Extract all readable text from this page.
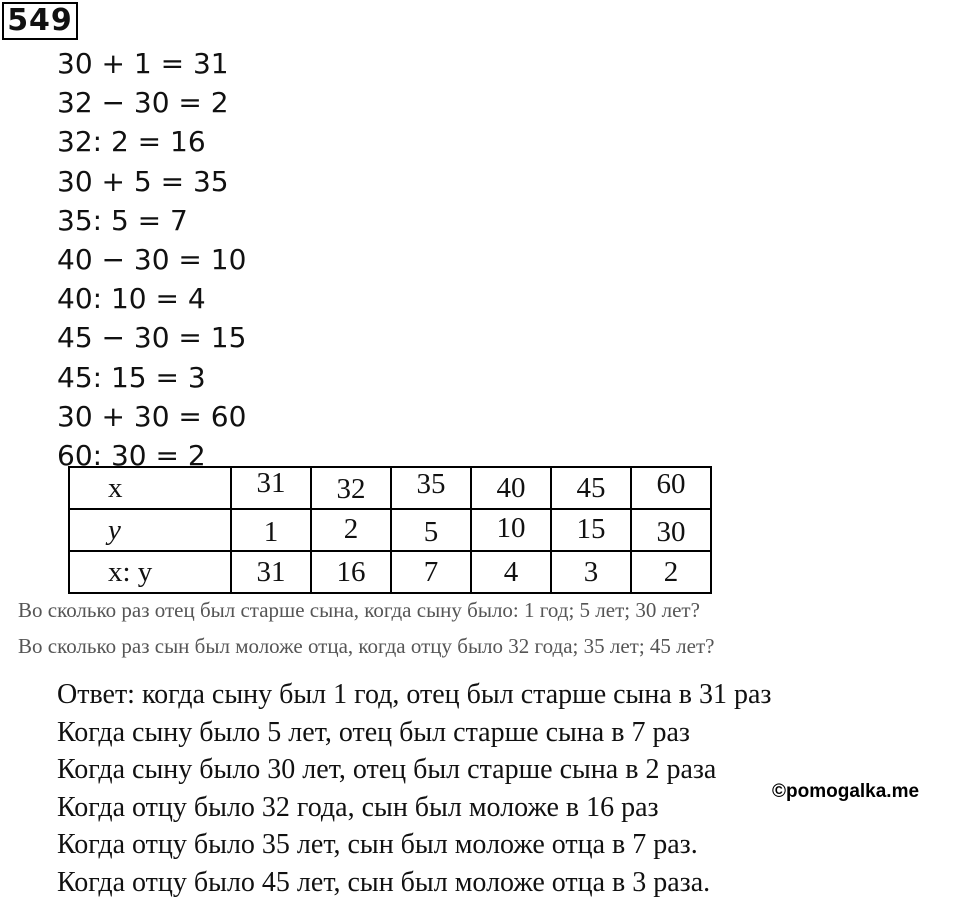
549
30 + 1 = 31
32 − 30 = 2
32: 2 = 16
30 + 5 = 35
35: 5 = 7
40 − 30 = 10
40: 10 = 4
45 − 30 = 15
45: 15 = 3
30 + 30 = 60
60: 30 = 2
x	31	32	35	40	45	60
y	1	2	5	10	15	30
x: y	31	16	7	4	3	2
Во сколько раз отец был старше сына, когда сыну было: 1 год; 5 лет; 30 лет?
Во сколько раз сын был моложе отца, когда отцу было 32 года; 35 лет; 45 лет?
Ответ: когда сыну был 1 год, отец был старше сына в 31 раз
Когда сыну было 5 лет, отец был старше сына в 7 раз
Когда сыну было 30 лет, отец был старше сына в 2 раза
Когда отцу было 32 года, сын был моложе в 16 раз
Когда отцу было 35 лет, сын был моложе отца в 7 раз.
Когда отцу было 45 лет, сын был моложе отца в 3 раза.
©pomogalka.me
